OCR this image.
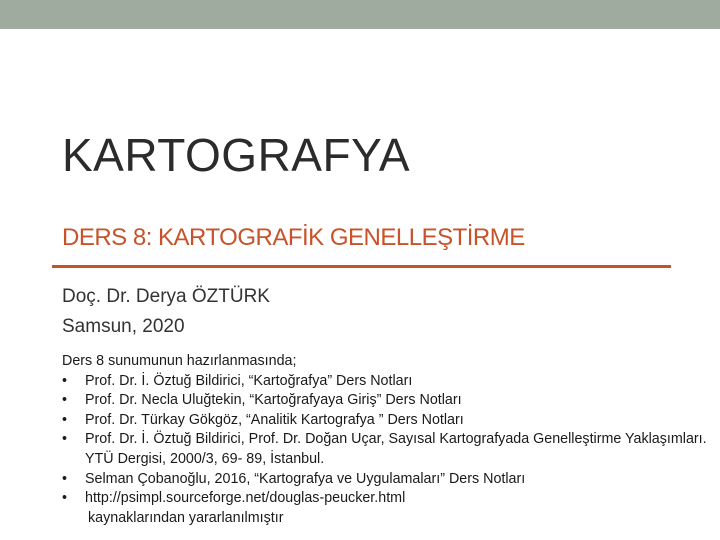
KARTOGRAFYA
DERS 8: KARTOGRAFİK GENELLEŞTİRME
Doç. Dr. Derya ÖZTÜRK
Samsun, 2020
Ders 8 sunumunun hazırlanmasında;
• Prof. Dr. İ. Öztuğ Bildirici, “Kartoğrafya” Ders Notları
• Prof. Dr. Necla Uluğtekin, “Kartoğrafyaya Giriş” Ders Notları
• Prof. Dr. Türkay Gökgöz, “Analitik Kartografya ” Ders Notları
• Prof. Dr. İ. Öztuğ Bildirici, Prof. Dr. Doğan Uçar, Sayısal Kartografyada Genelleştirme Yaklaşımları. YTÜ Dergisi, 2000/3, 69- 89, İstanbul.
• Selman Çobanoğlu, 2016, “Kartografya ve Uygulamaları” Ders Notları
• http://psimpl.sourceforge.net/douglas-peucker.html
kaynaklarından yararlanılmıştır
